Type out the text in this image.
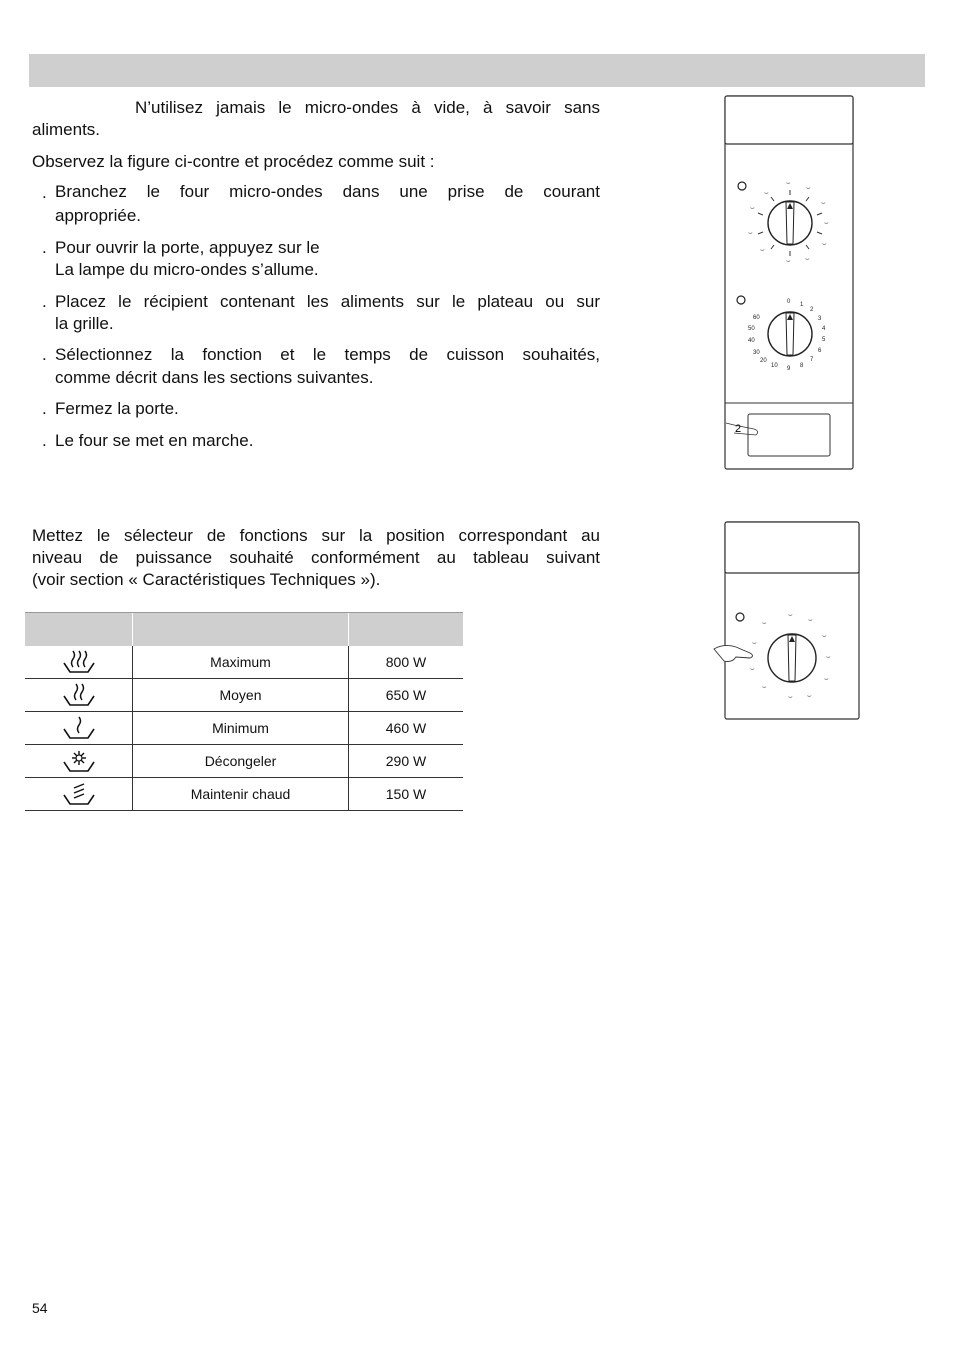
N’utilisez jamais le micro-ondes à vide, à savoir sans

aliments.

Observez la figure ci-contre et procédez comme suit :

. Branchez le four micro-ondes dans une prise de courant

appropriée.

. Pour ouvrir la porte, appuyez sur le

La lampe du micro-ondes s’allume.

. Placez le récipient contenant les aliments sur le plateau ou sur

la grille.

. Sélectionnez la fonction et le temps de cuisson souhaités,

comme décrit dans les sections suivantes.

. Fermez la porte.

. Le four se met en marche.

Mettez le sélecteur de fonctions sur la position correspondant au

niveau de puissance souhaité conformément au tableau suivant

(voir section « Caractéristiques Techniques »).

	Maximum	800 W
	Moyen	650 W
	Minimum	460 W
	Décongeler	290 W
	Maintenir chaud	150 W
2
⌣
⌣
⌣
⌣
⌣
⌣
⌣
⌣
⌣
⌣
⌣
0 1
2
3
4
5
6
7
8
9
10
20
30
40
50
60
⌣
⌣
⌣
⌣
⌣
⌣
⌣
⌣
⌣
⌣
⌣
54
